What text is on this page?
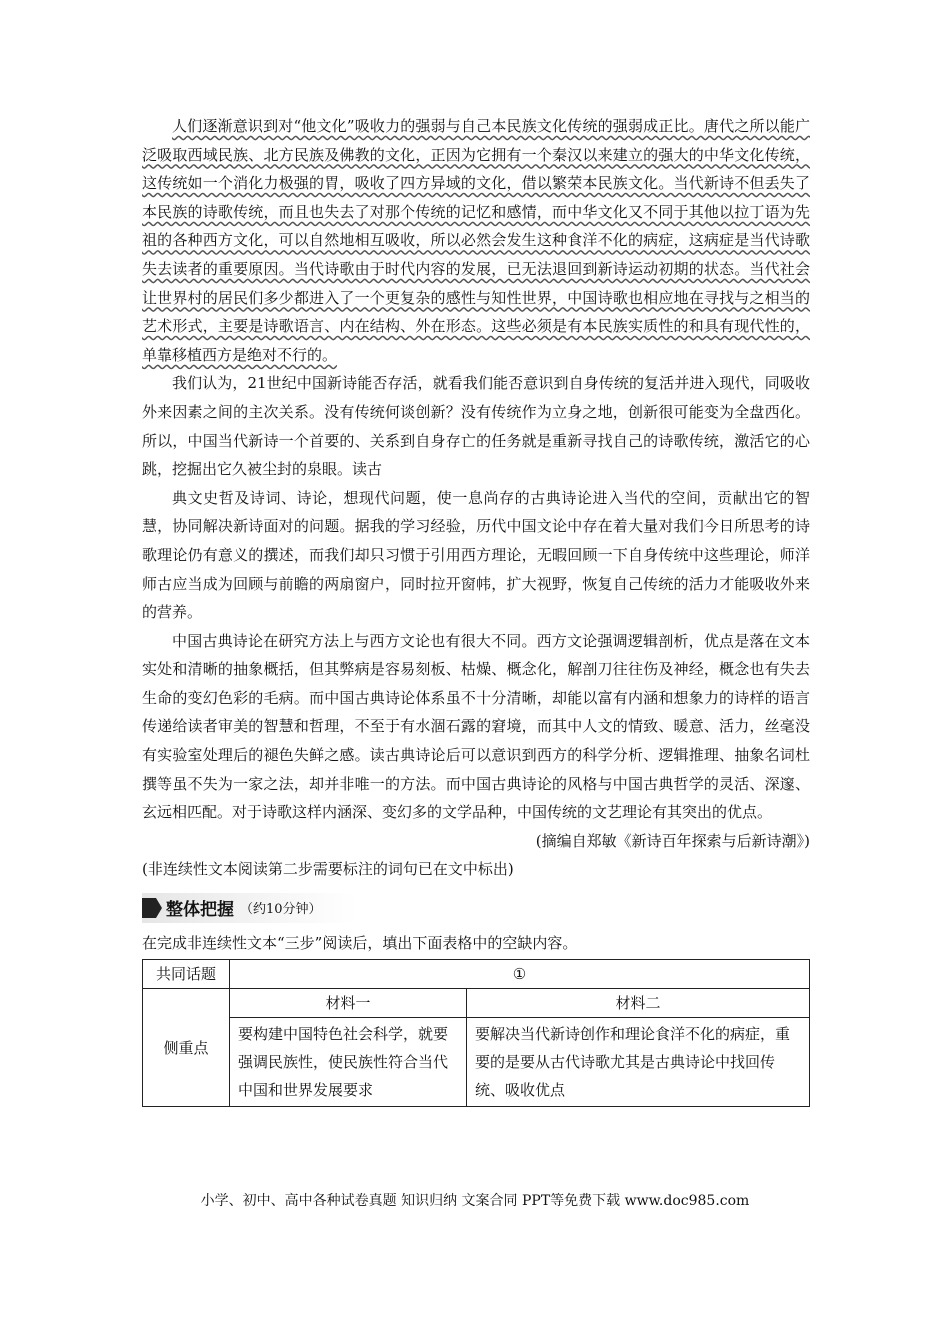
人们逐渐意识到对“他文化”吸收力的强弱与自己本民族文化传统的强弱成正比。唐代之所以能广泛吸取西域民族、北方民族及佛教的文化，正因为它拥有一个秦汉以来建立的强大的中华文化传统，这传统如一个消化力极强的胃，吸收了四方异域的文化，借以繁荣本民族文化。当代新诗不但丢失了本民族的诗歌传统，而且也失去了对那个传统的记忆和感情，而中华文化又不同于其他以拉丁语为先祖的各种西方文化，可以自然地相互吸收，所以必然会发生这种食洋不化的病症，这病症是当代诗歌失去读者的重要原因。当代诗歌由于时代内容的发展，已无法退回到新诗运动初期的状态。当代社会让世界村的居民们多少都进入了一个更复杂的感性与知性世界，中国诗歌也相应地在寻找与之相当的艺术形式，主要是诗歌语言、内在结构、外在形态。这些必须是有本民族实质性的和具有现代性的，单靠移植西方是绝对不行的。

我们认为，21世纪中国新诗能否存活，就看我们能否意识到自身传统的复活并进入现代，同吸收外来因素之间的主次关系。没有传统何谈创新？没有传统作为立身之地，创新很可能变为全盘西化。所以，中国当代新诗一个首要的、关系到自身存亡的任务就是重新寻找自己的诗歌传统，激活它的心跳，挖掘出它久被尘封的泉眼。读古

典文史哲及诗词、诗论，想现代问题，使一息尚存的古典诗论进入当代的空间，贡献出它的智慧，协同解决新诗面对的问题。据我的学习经验，历代中国文论中存在着大量对我们今日所思考的诗歌理论仍有意义的撰述，而我们却只习惯于引用西方理论，无暇回顾一下自身传统中这些理论，师洋师古应当成为回顾与前瞻的两扇窗户，同时拉开窗帏，扩大视野，恢复自己传统的活力才能吸收外来的营养。

中国古典诗论在研究方法上与西方文论也有很大不同。西方文论强调逻辑剖析，优点是落在文本实处和清晰的抽象概括，但其弊病是容易刻板、枯燥、概念化，解剖刀往往伤及神经，概念也有失去生命的变幻色彩的毛病。而中国古典诗论体系虽不十分清晰，却能以富有内涵和想象力的诗样的语言传递给读者审美的智慧和哲理，不至于有水涸石露的窘境，而其中人文的情致、暖意、活力，丝毫没有实验室处理后的褪色失鲜之感。读古典诗论后可以意识到西方的科学分析、逻辑推理、抽象名词杜撰等虽不失为一家之法，却并非唯一的方法。而中国古典诗论的风格与中国古典哲学的灵活、深邃、玄远相匹配。对于诗歌这样内涵深、变幻多的文学品种，中国传统的文艺理论有其突出的优点。

(摘编自郑敏《新诗百年探索与后新诗潮》)

(非连续性文本阅读第二步需要标注的词句已在文中标出)

整体把握 （约10分钟）

在完成非连续性文本“三步”阅读后，填出下面表格中的空缺内容。

共同话题	①	
侧重点	材料一	材料二
	要构建中国特色社会科学，就要强调民族性，使民族性符合当代中国和世界发展要求	要解决当代新诗创作和理论食洋不化的病症，重要的是要从古代诗歌尤其是古典诗论中找回传统、吸收优点
小学、初中、高中各种试卷真题 知识归纳 文案合同 PPT等免费下载 www.doc985.com
